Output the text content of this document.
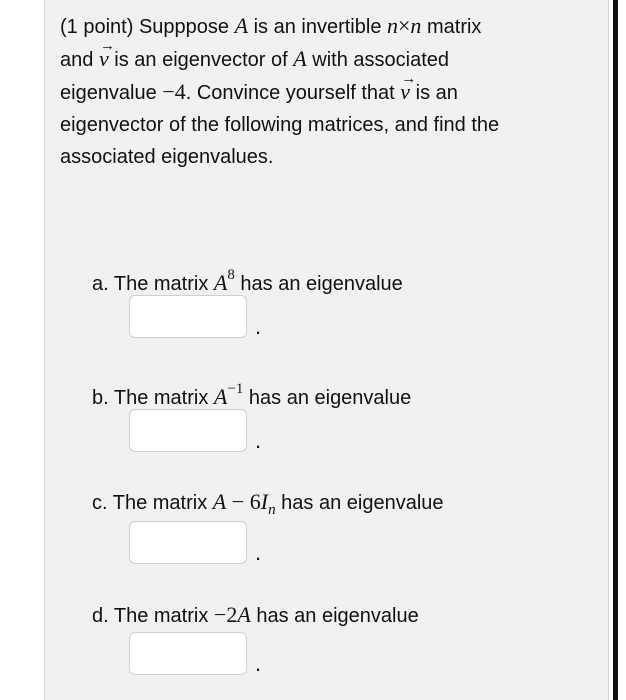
(1 point) Supppose A is an invertible n×n matrix
and v
→
is an eigenvector of A with associated
eigenvalue −4. Convince yourself that v
→
is an
eigenvector of the following matrices, and find the
associated eigenvalues.
a. The matrix $A^8$ has an eigenvalue
.
b. The matrix $A^{-1}$ has an eigenvalue
.
c. The matrix $A - 6I_n$ has an eigenvalue
.
d. The matrix −2A has an eigenvalue
.
